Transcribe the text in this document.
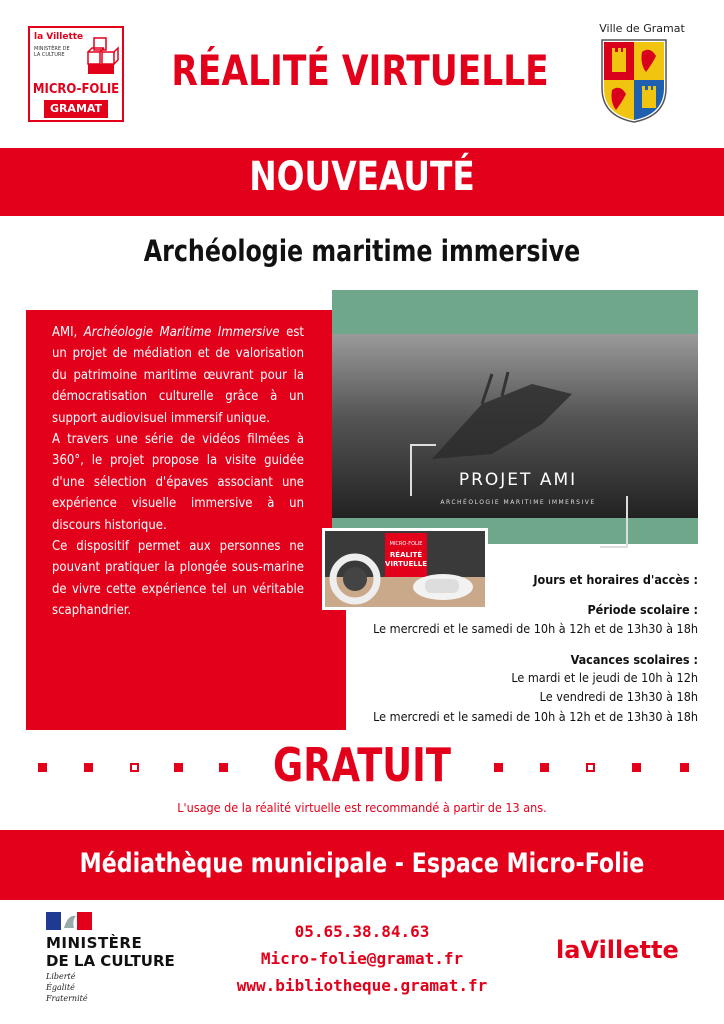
la Villette
MINISTÈRE DE LA CULTURE
MICRO-FOLIE
GRAMAT
RÉALITÉ VIRTUELLE
Ville de Gramat
NOUVEAUTÉ
Archéologie maritime immersive

AMI, Archéologie Maritime Immersive est un projet de médiation et de valorisation du patrimoine maritime œuvrant pour la démocratisation culturelle grâce à un support audiovisuel immersif unique.

A travers une série de vidéos filmées à 360°, le projet propose la visite guidée d'une sélection d'épaves associant une expérience visuelle immersive à un discours historique.

Ce dispositif permet aux personnes ne pouvant pratiquer la plongée sous-marine de vivre cette expérience tel un véritable scaphandrier.

PROJET AMI
ARCHÉOLOGIE MARITIME IMMERSIVE
MICRO-FOLIE
RÉALITÉ
VIRTUELLE
Jours et horaires d'accès :
Période scolaire :
Le mercredi et le samedi de 10h à 12h et de 13h30 à 18h
Vacances scolaires :
Le mardi et le jeudi de 10h à 12h
Le vendredi de 13h30 à 18h
Le mercredi et le samedi de 10h à 12h et de 13h30 à 18h
GRATUIT
L'usage de la réalité virtuelle est recommandé à partir de 13 ans.
Médiathèque municipale - Espace Micro-Folie
MINISTÈRE
DE LA CULTURE
Liberté
Égalité
Fraternité
05.65.38.84.63
Micro-folie@gramat.fr
www.bibliotheque.gramat.fr
laVillette
